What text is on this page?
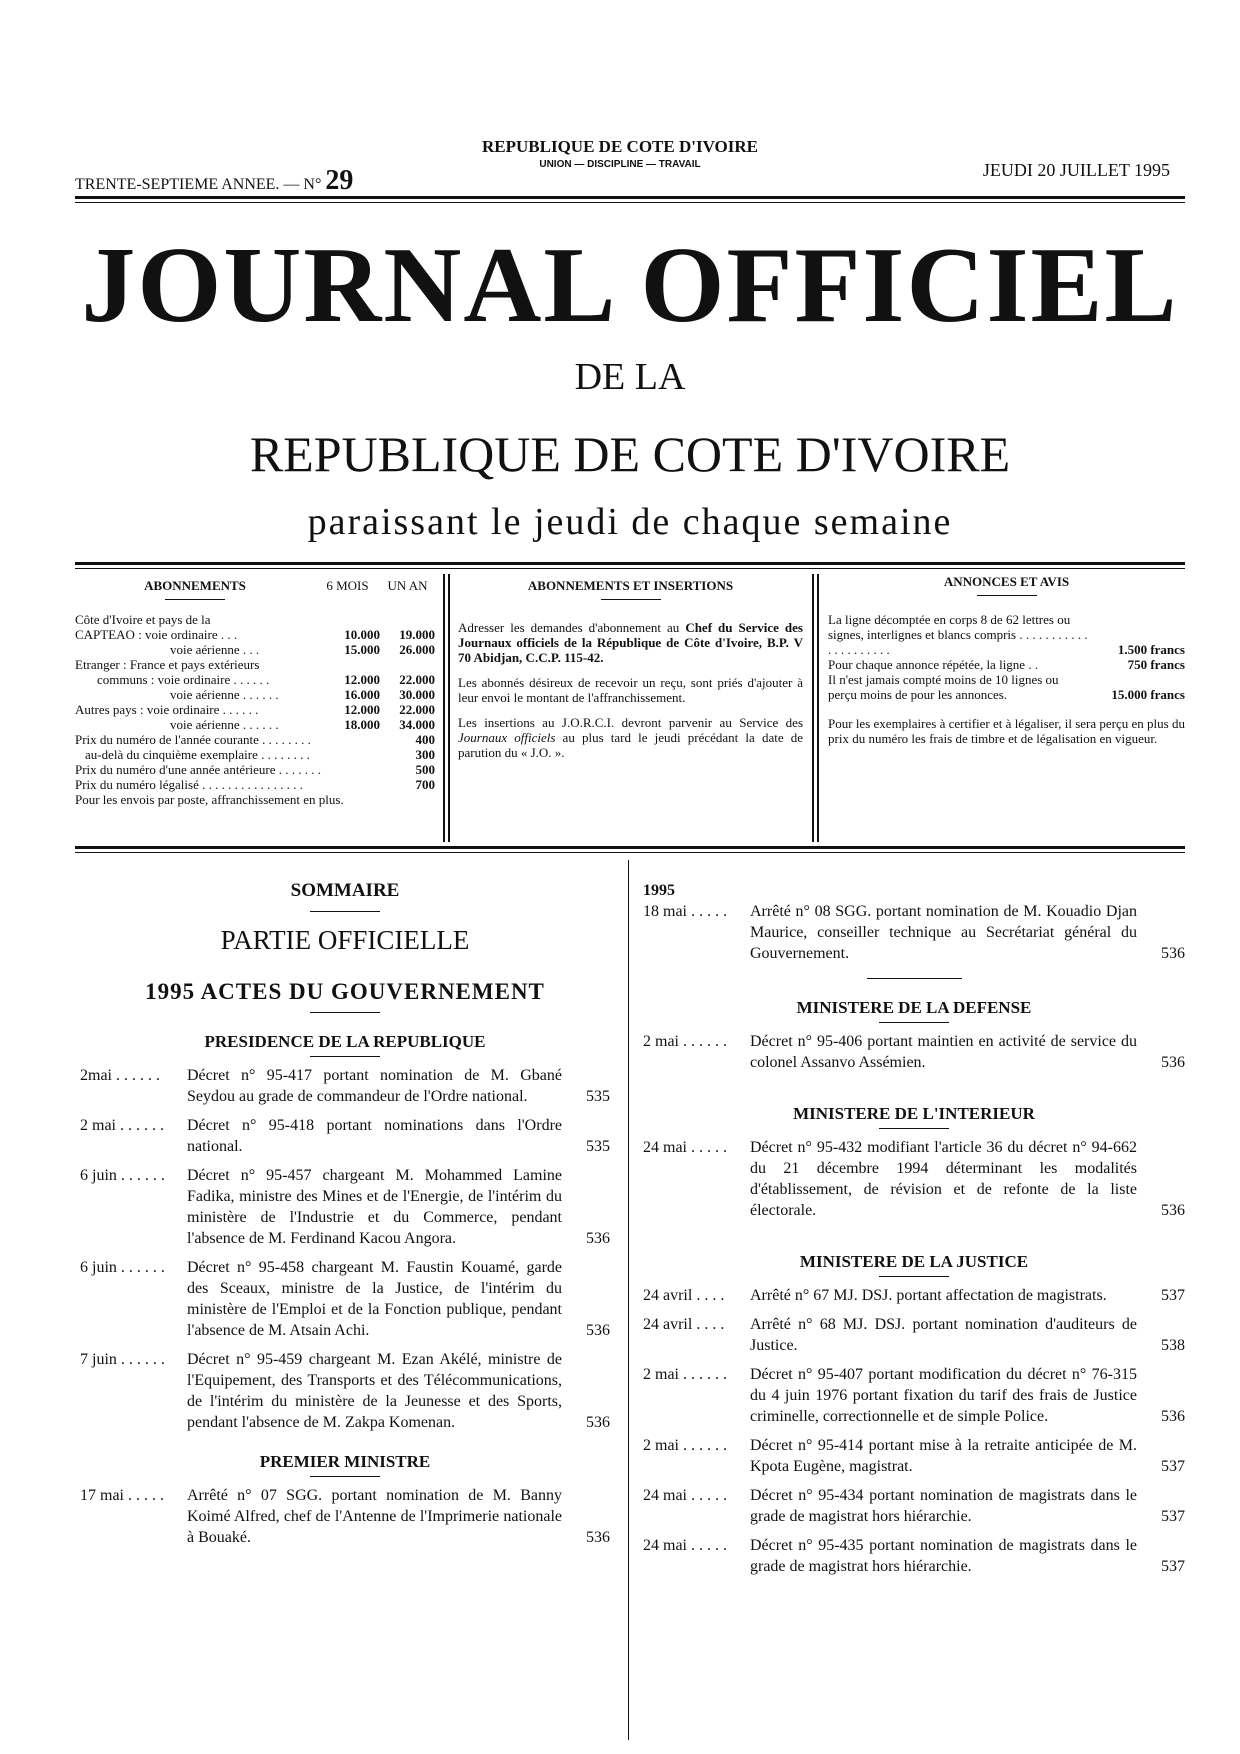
TRENTE-SEPTIEME ANNEE. — N° 29
REPUBLIQUE DE COTE D'IVOIRE
UNION — DISCIPLINE — TRAVAIL	JEUDI 20 JUILLET 1995
JOURNAL OFFICIEL
DE LA
REPUBLIQUE DE COTE D'IVOIRE
paraissant le jeudi de chaque semaine
ABONNEMENTS	6 MOIS	UN AN
Côte d'Ivoire et pays de la
CAPTEAO : voie ordinaire . . .	10.000	19.000
voie aérienne . . .	15.000	26.000
Etranger : France et pays extérieurs
communs : voie ordinaire . . . . . .	12.000	22.000
voie aérienne . . . . . .	16.000	30.000
Autres pays : voie ordinaire . . . . . .	12.000	22.000
voie aérienne . . . . . .	18.000	34.000
Prix du numéro de l'année courante . . . . . . . .	400
au-delà du cinquième exemplaire . . . . . . . .	300
Prix du numéro d'une année antérieure . . . . . . .	500
Prix du numéro légalisé . . . . . . . . . . . . . . . .	700
Pour les envois par poste, affranchissement en plus.
ABONNEMENTS ET INSERTIONS
Adresser les demandes d'abonnement au Chef du Service des Journaux officiels de la République de Côte d'Ivoire, B.P. V 70 Abidjan, C.C.P. 115-42.
Les abonnés désireux de recevoir un reçu, sont priés d'ajouter à leur envoi le montant de l'affranchissement.
Les insertions au J.O.R.C.I. devront parvenir au Service des Journaux officiels au plus tard le jeudi précédant la date de parution du « J.O. ».
ANNONCES ET AVIS
La ligne décomptée en corps 8 de 62 lettres ou signes, interlignes et blancs compris . . . . . . . . . . . . . . . . . . . . .	1.500 francs
Pour chaque annonce répétée, la ligne . .	750 francs
Il n'est jamais compté moins de 10 lignes ou perçu moins de pour les annonces.	15.000 francs
Pour les exemplaires à certifier et à légaliser, il sera perçu en plus du prix du numéro les frais de timbre et de légalisation en vigueur.
SOMMAIRE
PARTIE OFFICIELLE
1995 ACTES DU GOUVERNEMENT
PRESIDENCE DE LA REPUBLIQUE
2mai . . . . . .	Décret n° 95-417 portant nomination de M. Gbané Seydou au grade de commandeur de l'Ordre national.	535
2 mai . . . . . .	Décret n° 95-418 portant nominations dans l'Ordre national.	535
6 juin . . . . . .	Décret n° 95-457 chargeant M. Mohammed Lamine Fadika, ministre des Mines et de l'Energie, de l'intérim du ministère de l'Industrie et du Commerce, pendant l'absence de M. Ferdinand Kacou Angora.	536
6 juin . . . . . .	Décret n° 95-458 chargeant M. Faustin Kouamé, garde des Sceaux, ministre de la Justice, de l'intérim du ministère de l'Emploi et de la Fonction publique, pendant l'absence de M. Atsain Achi.	536
7 juin . . . . . .	Décret n° 95-459 chargeant M. Ezan Akélé, ministre de l'Equipement, des Transports et des Télécommunications, de l'intérim du ministère de la Jeunesse et des Sports, pendant l'absence de M. Zakpa Komenan.	536
PREMIER MINISTRE
17 mai . . . . .	Arrêté n° 07 SGG. portant nomination de M. Banny Koimé Alfred, chef de l'Antenne de l'Imprimerie nationale à Bouaké.	536
1995
18 mai . . . . .	Arrêté n° 08 SGG. portant nomination de M. Kouadio Djan Maurice, conseiller technique au Secrétariat général du Gouvernement.	536
MINISTERE DE LA DEFENSE
2 mai . . . . . .	Décret n° 95-406 portant maintien en activité de service du colonel Assanvo Assémien.	536
MINISTERE DE L'INTERIEUR
24 mai . . . . .	Décret n° 95-432 modifiant l'article 36 du décret n° 94-662 du 21 décembre 1994 déterminant les modalités d'établissement, de révision et de refonte de la liste électorale.	536
MINISTERE DE LA JUSTICE
24 avril . . . .	Arrêté n° 67 MJ. DSJ. portant affectation de magistrats.	537
24 avril . . . .	Arrêté n° 68 MJ. DSJ. portant nomination d'auditeurs de Justice.	538
2 mai . . . . . .	Décret n° 95-407 portant modification du décret n° 76-315 du 4 juin 1976 portant fixation du tarif des frais de Justice criminelle, correctionnelle et de simple Police.	536
2 mai . . . . . .	Décret n° 95-414 portant mise à la retraite anticipée de M. Kpota Eugène, magistrat.	537
24 mai . . . . .	Décret n° 95-434 portant nomination de magistrats dans le grade de magistrat hors hiérarchie.	537
24 mai . . . . .	Décret n° 95-435 portant nomination de magistrats dans le grade de magistrat hors hiérarchie.	537
